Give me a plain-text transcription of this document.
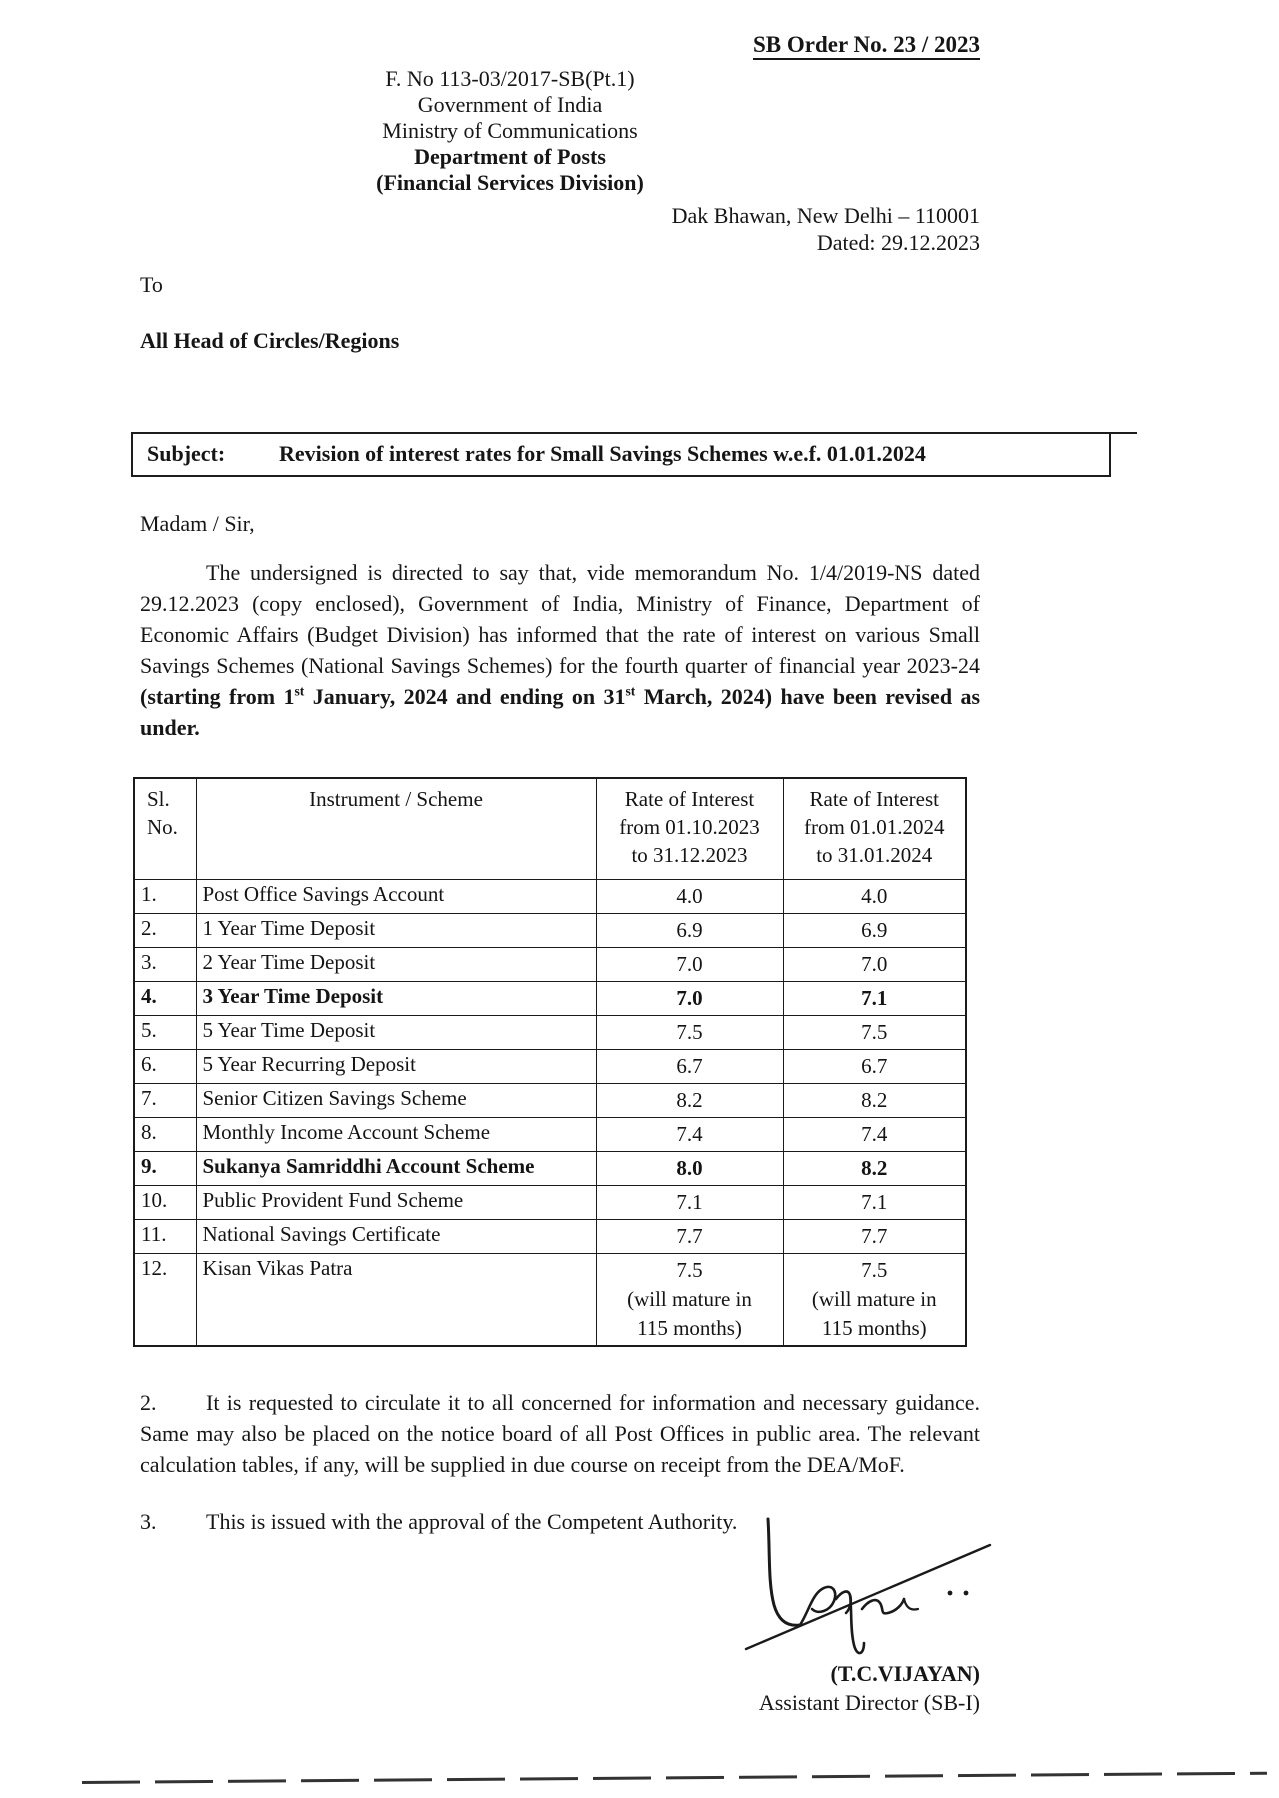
SB Order No. 23 / 2023
F. No 113-03/2017-SB(Pt.1)
Government of India
Ministry of Communications
Department of Posts
(Financial Services Division)
Dak Bhawan, New Delhi – 110001
Dated: 29.12.2023
To
All Head of Circles/Regions
Subject:	Revision of interest rates for Small Savings Schemes w.e.f. 01.01.2024
Madam / Sir,

The undersigned is directed to say that, vide memorandum No. 1/4/2019-NS dated 29.12.2023 (copy enclosed), Government of India, Ministry of Finance, Department of Economic Affairs (Budget Division) has informed that the rate of interest on various Small Savings Schemes (National Savings Schemes) for the fourth quarter of financial year 2023-24 (starting from 1st January, 2024 and ending on 31st March, 2024) have been revised as under.

Sl.
No.	Instrument / Scheme	Rate of Interest
from 01.10.2023
to 31.12.2023	Rate of Interest
from 01.01.2024
to 31.01.2024
1.	Post Office Savings Account	4.0	4.0
2.	1 Year Time Deposit	6.9	6.9
3.	2 Year Time Deposit	7.0	7.0
4.	3 Year Time Deposit	7.0	7.1
5.	5 Year Time Deposit	7.5	7.5
6.	5 Year Recurring Deposit	6.7	6.7
7.	Senior Citizen Savings Scheme	8.2	8.2
8.	Monthly Income Account Scheme	7.4	7.4
9.	Sukanya Samriddhi Account Scheme	8.0	8.2
10.	Public Provident Fund Scheme	7.1	7.1
11.	National Savings Certificate	7.7	7.7
12.	Kisan Vikas Patra	7.5
(will mature in
115 months)	7.5
(will mature in
115 months)

2. It is requested to circulate it to all concerned for information and necessary guidance. Same may also be placed on the notice board of all Post Offices in public area. The relevant calculation tables, if any, will be supplied in due course on receipt from the DEA/MoF.

3. This is issued with the approval of the Competent Authority.

(T.C.VIJAYAN)
Assistant Director (SB-I)
